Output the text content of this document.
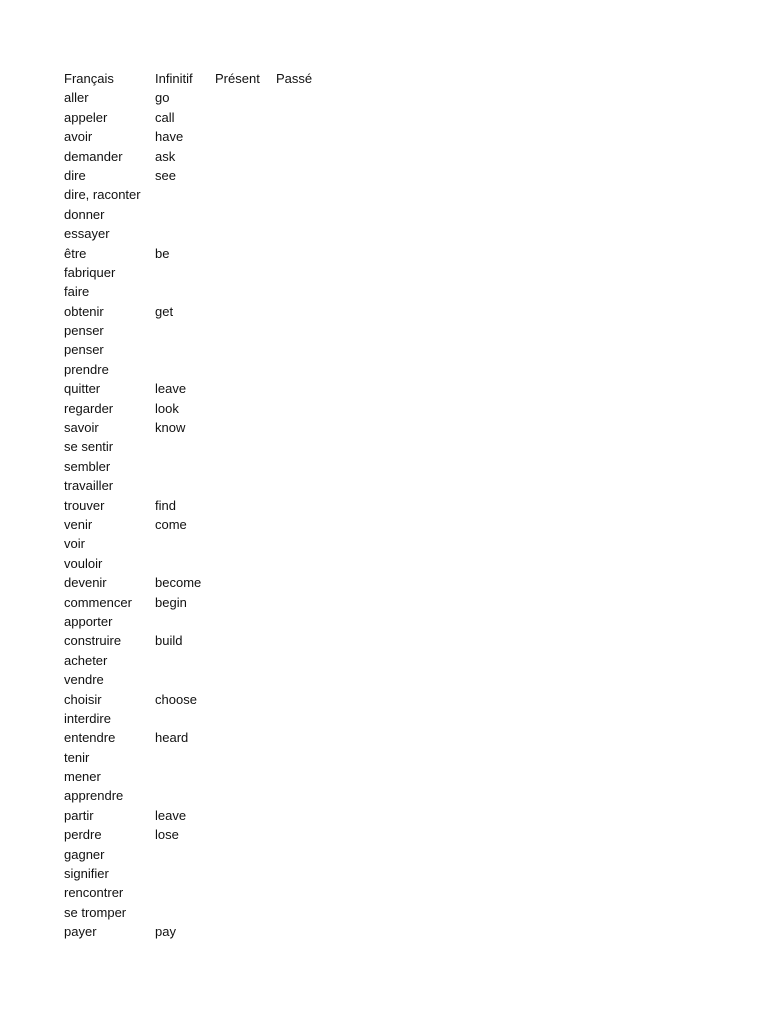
Français	Infinitif	Présent	Passé
aller	go
appeler	call
avoir	have
demander	ask
dire	see
dire, raconter
donner
essayer
être	be
fabriquer
faire
obtenir	get
penser
penser
prendre
quitter	leave
regarder	look
savoir	know
se sentir
sembler
travailler
trouver	find
venir	come
voir
vouloir
devenir	become
commencer	begin
apporter
construire	build
acheter
vendre
choisir	choose
interdire
entendre	heard
tenir
mener
apprendre
partir	leave
perdre	lose
gagner
signifier
rencontrer
se tromper
payer	pay
